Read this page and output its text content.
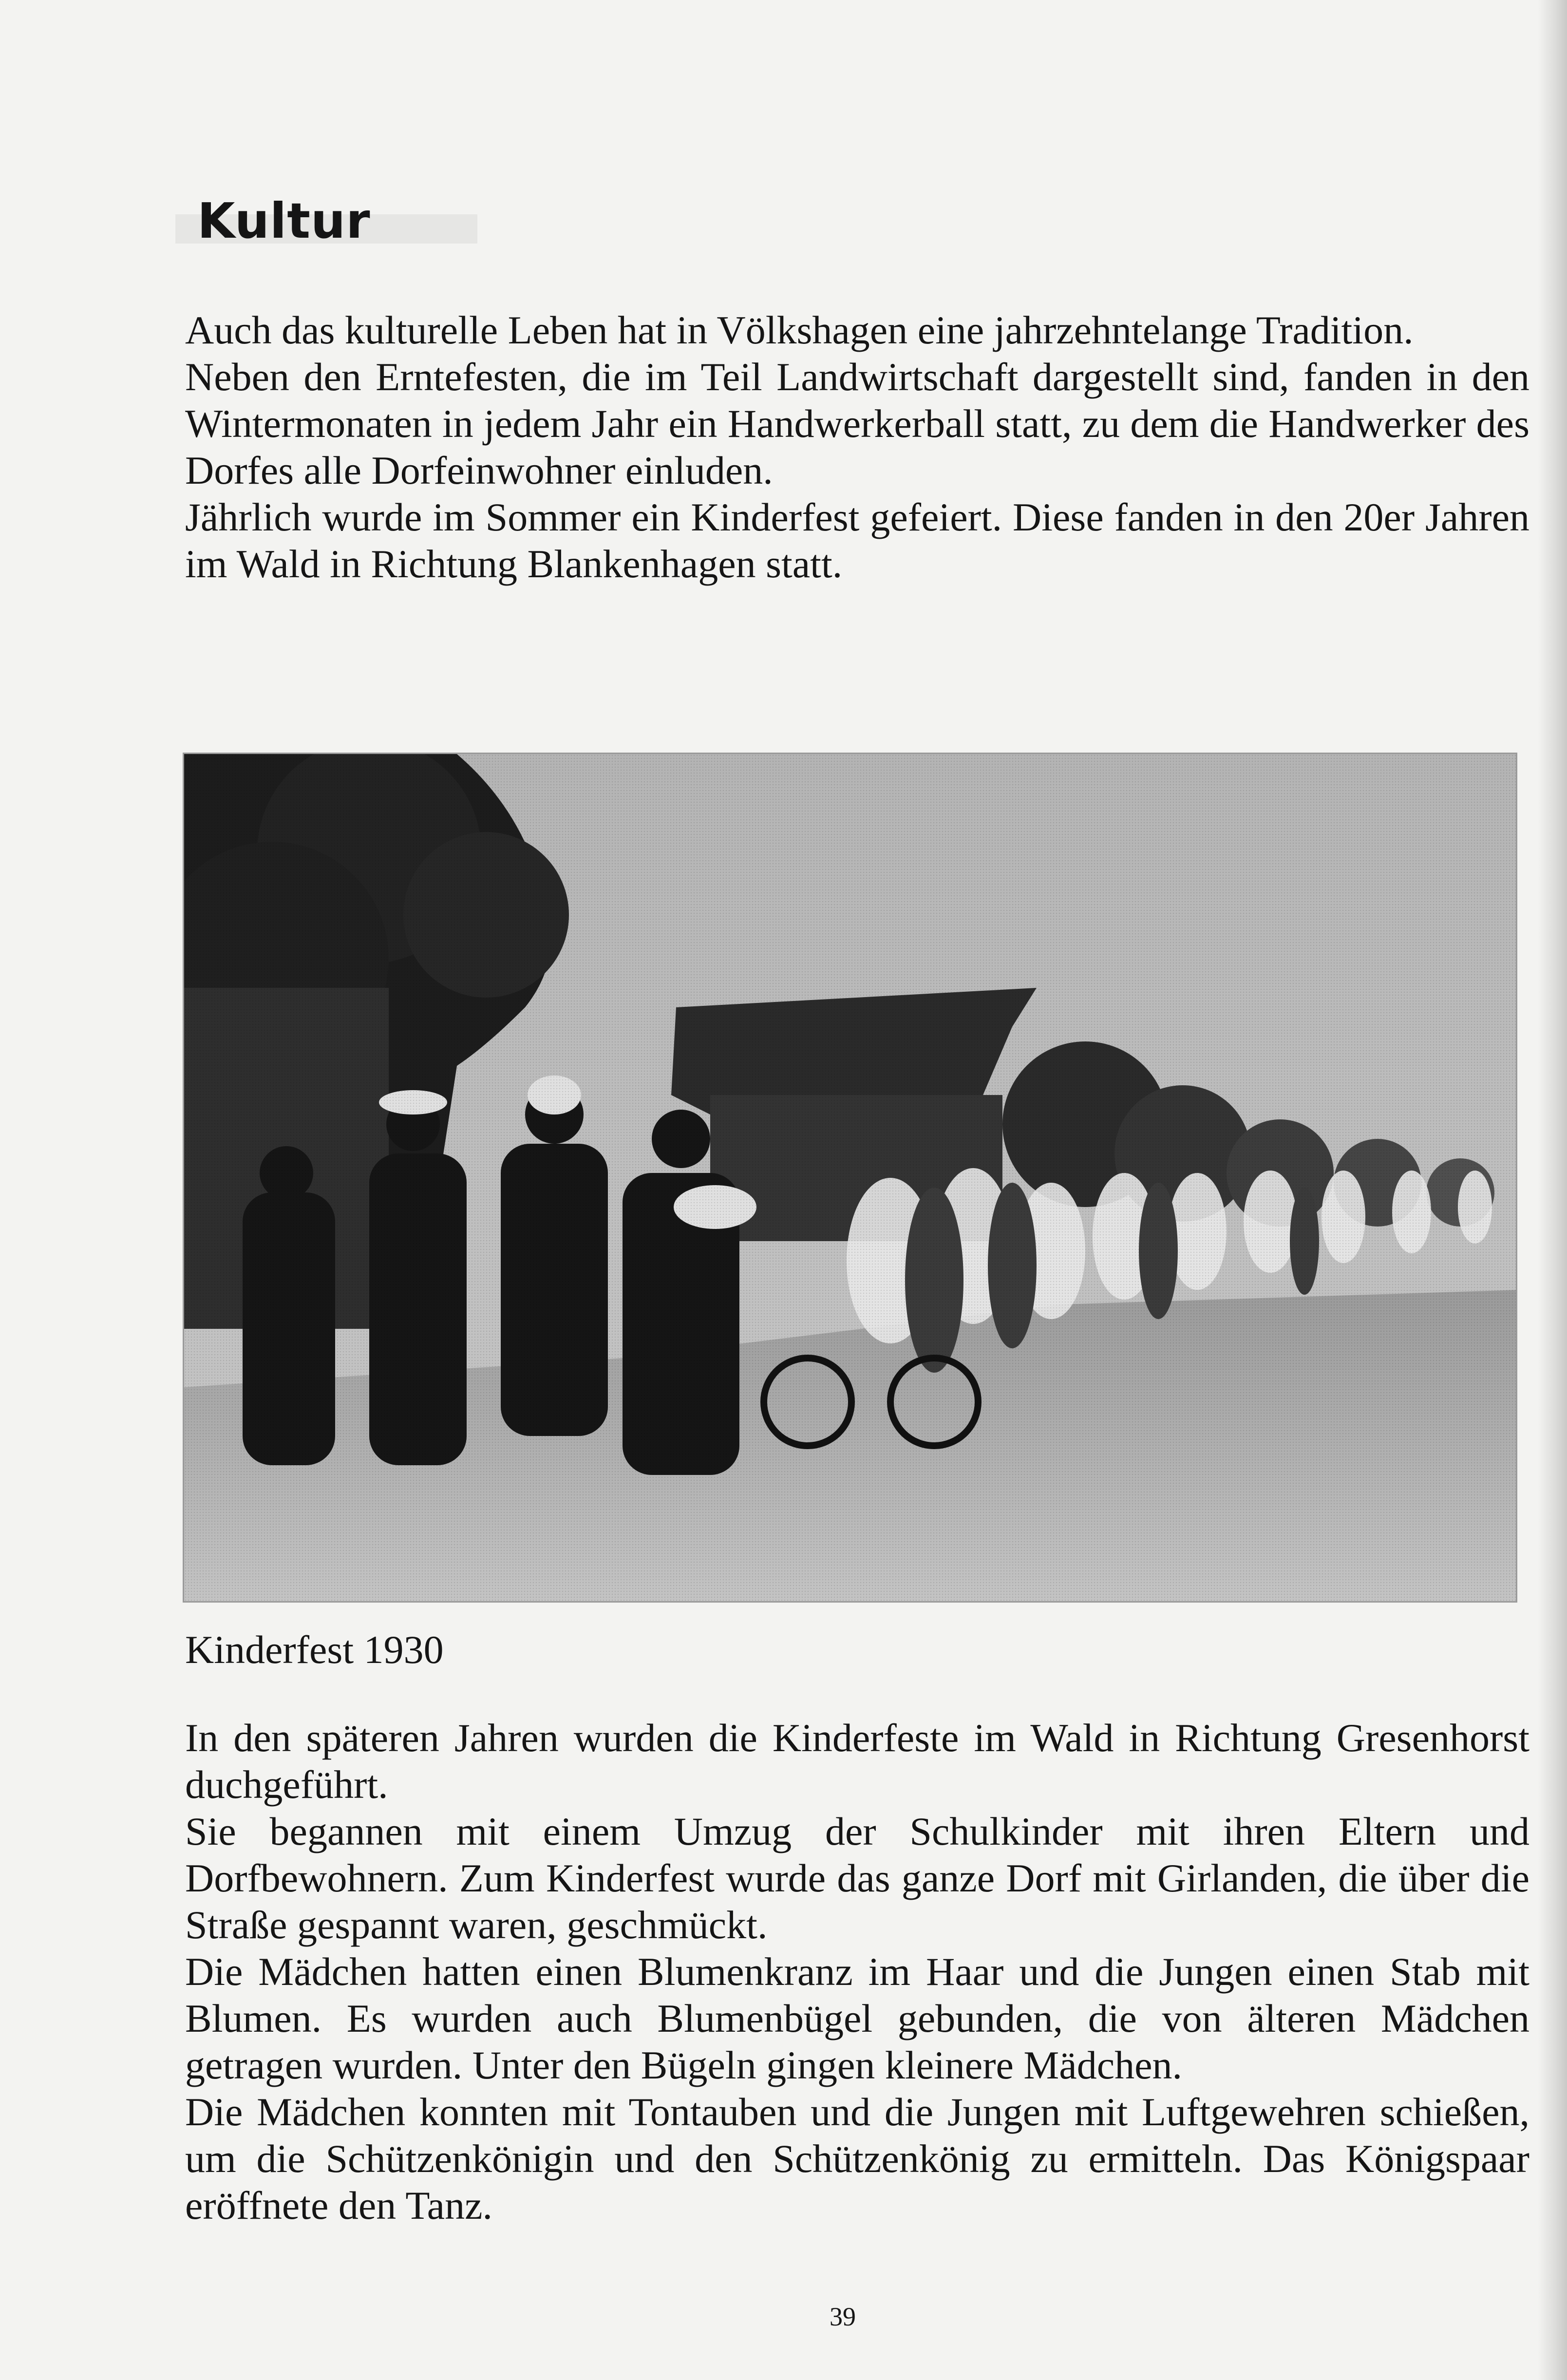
Kultur

Auch das kulturelle Leben hat in Völkshagen eine jahrzehntelange Tradition.

Neben den Erntefesten, die im Teil Landwirtschaft dargestellt sind, fanden in den Wintermonaten in jedem Jahr ein Handwerkerball statt, zu dem die Handwerker des Dorfes alle Dorfeinwohner einluden.

Jährlich wurde im Sommer ein Kinderfest gefeiert. Diese fanden in den 20er Jahren im Wald in Richtung Blankenhagen statt.

Kinderfest 1930

In den späteren Jahren wurden die Kinderfeste im Wald in Richtung Gresenhorst duchgeführt.

Sie begannen mit einem Umzug der Schulkinder mit ihren Eltern und Dorfbewohnern. Zum Kinderfest wurde das ganze Dorf mit Girlanden, die über die Straße gespannt waren, geschmückt.

Die Mädchen hatten einen Blumenkranz im Haar und die Jungen einen Stab mit Blumen. Es wurden auch Blumenbügel gebunden, die von älteren Mädchen getragen wurden. Unter den Bügeln gingen kleinere Mädchen.

Die Mädchen konnten mit Tontauben und die Jungen mit Luftgewehren schießen, um die Schützenkönigin und den Schützenkönig zu ermitteln. Das Königspaar eröffnete den Tanz.

39
